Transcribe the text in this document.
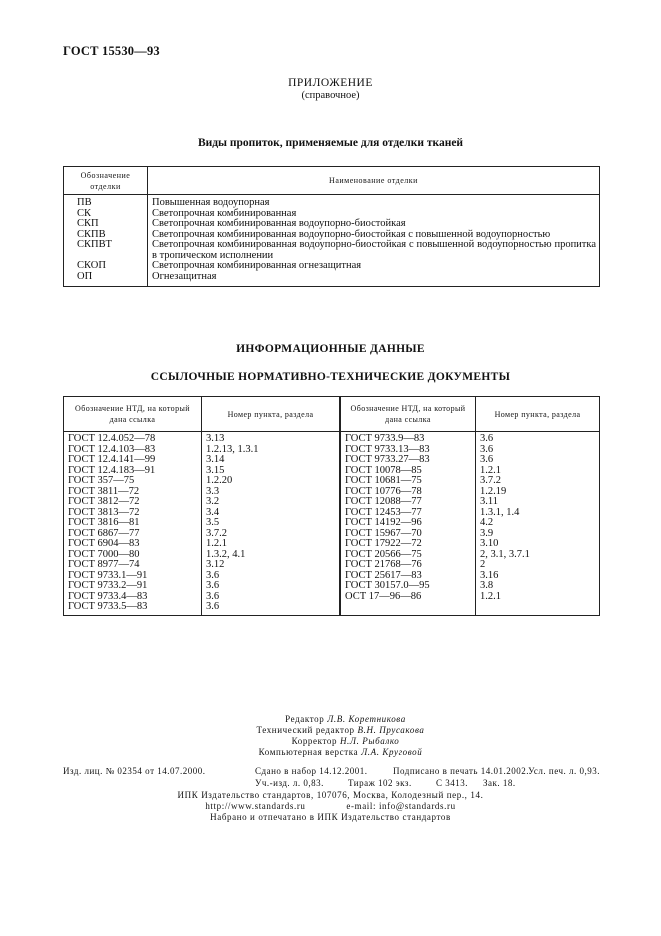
ГОСТ 15530—93
ПРИЛОЖЕНИЕ
(справочное)
Виды пропиток, применяемые для отделки тканей
Обозначение отделки	Наименование отделки
ПВ	Повышенная водоупорная
СК	Светопрочная комбинированная
СКП	Светопрочная комбинированная водоупорно-биостойкая
СКПВ	Светопрочная комбинированная водоупорно-биостойкая с повышенной водоупорностью
СКПВТ	Светопрочная комбинированная водоупорно-биостойкая с повышенной водоупорностью пропитка в тропическом исполнении
СКОП	Светопрочная комбинированная огнезащитная
ОП	Огнезащитная
ИНФОРМАЦИОННЫЕ ДАННЫЕ
ССЫЛОЧНЫЕ НОРМАТИВНО-ТЕХНИЧЕСКИЕ ДОКУМЕНТЫ
Обозначение НТД, на который дана ссылка	Номер пункта, раздела	Обозначение НТД, на который дана ссылка	Номер пункта, раздела
ГОСТ 12.4.052—78	3.13	ГОСТ 9733.9—83	3.6
ГОСТ 12.4.103—83	1.2.13, 1.3.1	ГОСТ 9733.13—83	3.6
ГОСТ 12.4.141—99	3.14	ГОСТ 9733.27—83	3.6
ГОСТ 12.4.183—91	3.15	ГОСТ 10078—85	1.2.1
ГОСТ 357—75	1.2.20	ГОСТ 10681—75	3.7.2
ГОСТ 3811—72	3.3	ГОСТ 10776—78	1.2.19
ГОСТ 3812—72	3.2	ГОСТ 12088—77	3.11
ГОСТ 3813—72	3.4	ГОСТ 12453—77	1.3.1, 1.4
ГОСТ 3816—81	3.5	ГОСТ 14192—96	4.2
ГОСТ 6867—77	3.7.2	ГОСТ 15967—70	3.9
ГОСТ 6904—83	1.2.1	ГОСТ 17922—72	3.10
ГОСТ 7000—80	1.3.2, 4.1	ГОСТ 20566—75	2, 3.1, 3.7.1
ГОСТ 8977—74	3.12	ГОСТ 21768—76	2
ГОСТ 9733.1—91	3.6	ГОСТ 25617—83	3.16
ГОСТ 9733.2—91	3.6	ГОСТ 30157.0—95	3.8
ГОСТ 9733.4—83	3.6	ОСТ 17—96—86	1.2.1
ГОСТ 9733.5—83	3.6		
Редактор Л.В. Коретникова
Технический редактор В.Н. Прусакова
Корректор Н.Л. Рыбалко
Компьютерная верстка Л.А. Круговой
Изд. лиц. № 02354 от 14.07.2000.	Сдано в набор 14.12.2001.	Подписано в печать 14.01.2002. Усл. печ. л. 0,93.
Уч.-изд. л. 0,83.	Тираж 102 экз.	С 3413. Зак. 18.
ИПК Издательство стандартов, 107076, Москва, Колодезный пер., 14.
http://www.standards.ru	e-mail: info@standards.ru
Набрано и отпечатано в ИПК Издательство стандартов
